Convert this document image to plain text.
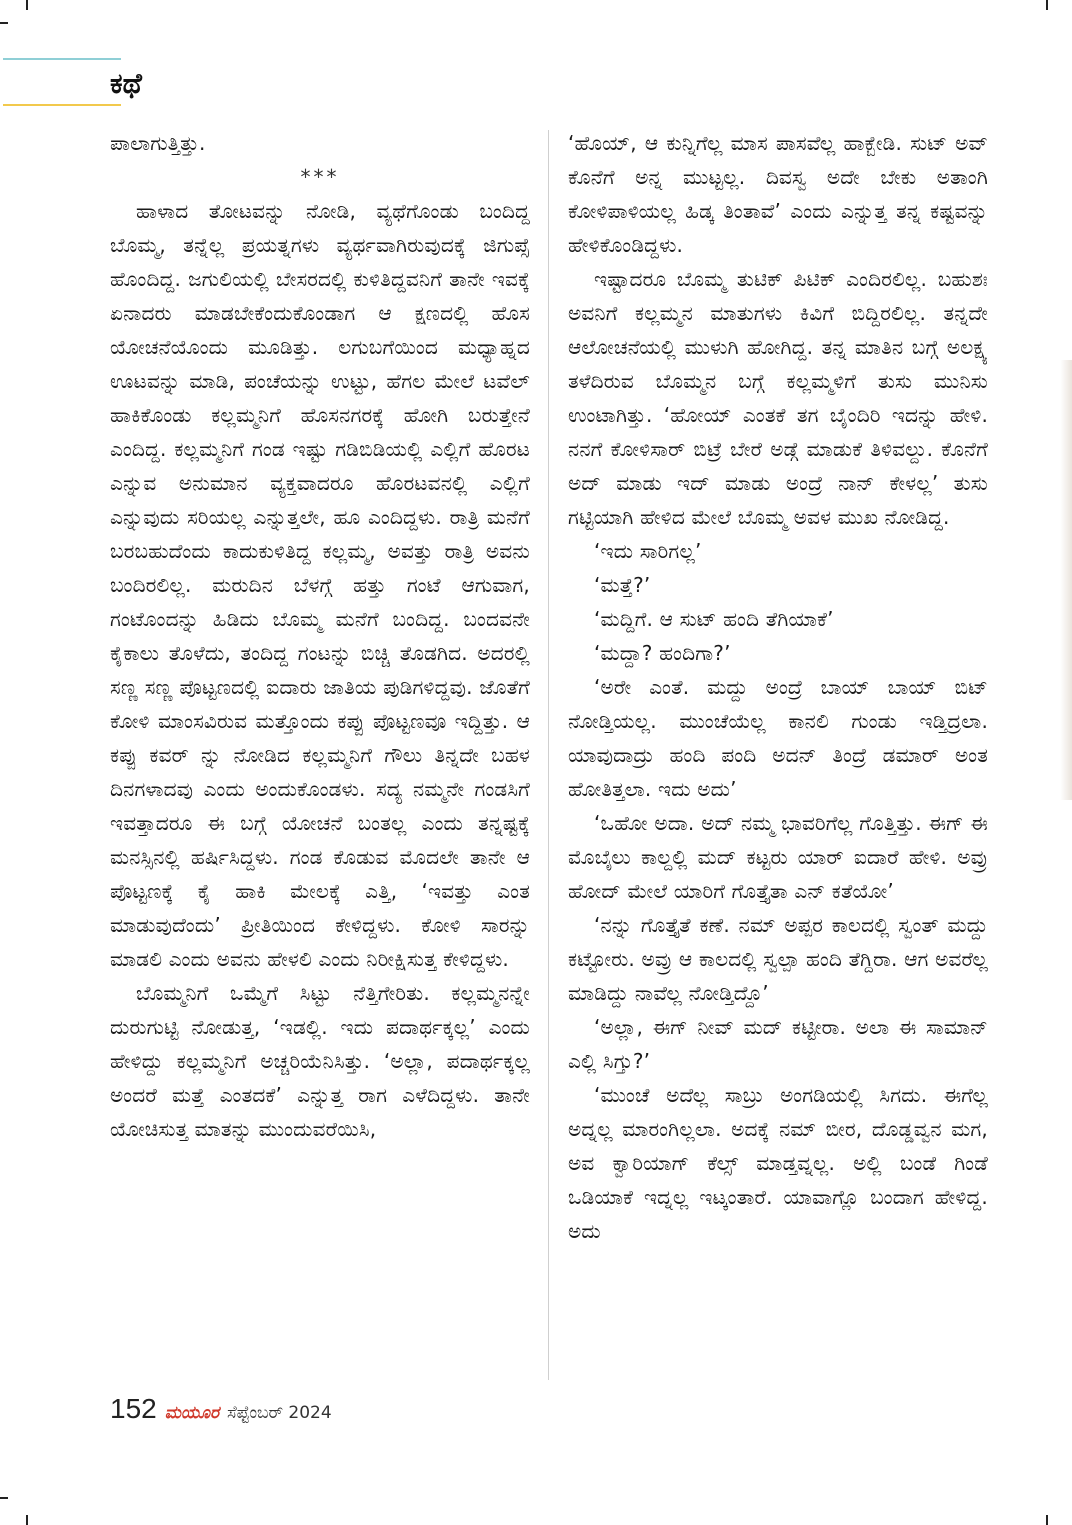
ಕಥೆ

ಪಾಲಾಗುತ್ತಿತ್ತು.

***

ಹಾಳಾದ ತೋಟವನ್ನು ನೋಡಿ, ವ್ಯಥೆಗೊಂಡು ಬಂದಿದ್ದ ಬೊಮ್ಮ, ತನ್ನೆಲ್ಲ ಪ್ರಯತ್ನಗಳು ವ್ಯರ್ಥವಾಗಿರುವುದಕ್ಕೆ ಜಿಗುಪ್ಸೆ ಹೊಂದಿದ್ದ. ಜಗುಲಿಯಲ್ಲಿ ಬೇಸರದಲ್ಲಿ ಕುಳಿತಿದ್ದವನಿಗೆ ತಾನೇ ಇವಕ್ಕೆ ಏನಾದರು ಮಾಡಬೇಕೆಂದುಕೊಂಡಾಗ ಆ ಕ್ಷಣದಲ್ಲಿ ಹೊಸ ಯೋಚನೆಯೊಂದು ಮೂಡಿತ್ತು. ಲಗುಬಗೆಯಿಂದ ಮಧ್ಯಾಹ್ನದ ಊಟವನ್ನು ಮಾಡಿ, ಪಂಚೆಯನ್ನು ಉಟ್ಟು, ಹೆಗಲ ಮೇಲೆ ಟವೆಲ್ ಹಾಕಿಕೊಂಡು ಕಲ್ಲಮ್ಮನಿಗೆ ಹೊಸನಗರಕ್ಕೆ ಹೋಗಿ ಬರುತ್ತೇನೆ ಎಂದಿದ್ದ. ಕಲ್ಲಮ್ಮನಿಗೆ ಗಂಡ ಇಷ್ಟು ಗಡಿಬಿಡಿಯಲ್ಲಿ ಎಲ್ಲಿಗೆ ಹೊರಟ ಎನ್ನುವ ಅನುಮಾನ ವ್ಯಕ್ತವಾದರೂ ಹೊರಟವನಲ್ಲಿ ಎಲ್ಲಿಗೆ ಎನ್ನುವುದು ಸರಿಯಲ್ಲ ಎನ್ನುತ್ತಲೇ, ಹೂ ಎಂದಿದ್ದಳು. ರಾತ್ರಿ ಮನೆಗೆ ಬರಬಹುದೆಂದು ಕಾದುಕುಳಿತಿದ್ದ ಕಲ್ಲಮ್ಮ, ಅವತ್ತು ರಾತ್ರಿ ಅವನು ಬಂದಿರಲಿಲ್ಲ. ಮರುದಿನ ಬೆಳಗ್ಗೆ ಹತ್ತು ಗಂಟೆ ಆಗುವಾಗ, ಗಂಟೊಂದನ್ನು ಹಿಡಿದು ಬೊಮ್ಮ ಮನೆಗೆ ಬಂದಿದ್ದ. ಬಂದವನೇ ಕೈಕಾಲು ತೊಳೆದು, ತಂದಿದ್ದ ಗಂಟನ್ನು ಬಿಚ್ಚಿ ತೊಡಗಿದ. ಅದರಲ್ಲಿ ಸಣ್ಣ ಸಣ್ಣ ಪೊಟ್ಟಣದಲ್ಲಿ ಐದಾರು ಜಾತಿಯ ಪುಡಿಗಳಿದ್ದವು. ಜೊತೆಗೆ ಕೋಳಿ ಮಾಂಸವಿರುವ ಮತ್ತೊಂದು ಕಪ್ಪು ಪೊಟ್ಟಣವೂ ಇದ್ದಿತ್ತು. ಆ ಕಪ್ಪು ಕವರ್ ನ್ನು ನೋಡಿದ ಕಲ್ಲಮ್ಮನಿಗೆ ಗೌಲು ತಿನ್ನದೇ ಬಹಳ ದಿನಗಳಾದವು ಎಂದು ಅಂದುಕೊಂಡಳು. ಸದ್ಯ ನಮ್ಮನೇ ಗಂಡಸಿಗೆ ಇವತ್ತಾದರೂ ಈ ಬಗ್ಗೆ ಯೋಚನೆ ಬಂತಲ್ಲ ಎಂದು ತನ್ನಷ್ಟಕ್ಕೆ ಮನಸ್ಸಿನಲ್ಲಿ ಹರ್ಷಿಸಿದ್ದಳು. ಗಂಡ ಕೊಡುವ ಮೊದಲೇ ತಾನೇ ಆ ಪೊಟ್ಟಣಕ್ಕೆ ಕೈ ಹಾಕಿ ಮೇಲಕ್ಕೆ ಎತ್ತಿ, ‘ಇವತ್ತು ಎಂತ ಮಾಡುವುದೆಂದು’ ಪ್ರೀತಿಯಿಂದ ಕೇಳಿದ್ದಳು. ಕೋಳಿ ಸಾರನ್ನು ಮಾಡಲಿ ಎಂದು ಅವನು ಹೇಳಲಿ ಎಂದು ನಿರೀಕ್ಷಿಸುತ್ತ ಕೇಳಿದ್ದಳು.

ಬೊಮ್ಮನಿಗೆ ಒಮ್ಮೆಗೆ ಸಿಟ್ಟು ನೆತ್ತಿಗೇರಿತು. ಕಲ್ಲಮ್ಮನನ್ನೇ ದುರುಗುಟ್ಟಿ ನೋಡುತ್ತ, ‘ಇಡಲ್ಲಿ. ಇದು ಪದಾರ್ಥಕ್ಕಲ್ಲ’ ಎಂದು ಹೇಳಿದ್ದು ಕಲ್ಲಮ್ಮನಿಗೆ ಅಚ್ಚರಿಯೆನಿಸಿತ್ತು. ‘ಅಲ್ಲಾ, ಪದಾರ್ಥಕ್ಕಲ್ಲ ಅಂದರೆ ಮತ್ತೆ ಎಂತದಕೆ’ ಎನ್ನುತ್ತ ರಾಗ ಎಳೆದಿದ್ದಳು. ತಾನೇ ಯೋಚಿಸುತ್ತ ಮಾತನ್ನು ಮುಂದುವರೆಯಿಸಿ,

‘ಹೊಯ್, ಆ ಕುನ್ನಿಗೆಲ್ಲ ಮಾಸ ಪಾಸವೆಲ್ಲ ಹಾಕ್ಬೇಡಿ. ಸುಟ್ ಅವ್ ಕೊನೆಗೆ ಅನ್ನ ಮುಟ್ಟಲ್ಲ. ದಿವಸ್ವ ಅದೇ ಬೇಕು ಅತಾಂಗಿ ಕೋಳಿಪಾಳಿಯಲ್ಲ ಹಿಡ್ಕ ತಿಂತಾವೆ’ ಎಂದು ಎನ್ನುತ್ತ ತನ್ನ ಕಷ್ಟವನ್ನು ಹೇಳಿಕೊಂಡಿದ್ದಳು.

ಇಷ್ಟಾದರೂ ಬೊಮ್ಮ ತುಟಿಕ್ ಪಿಟಿಕ್ ಎಂದಿರಲಿಲ್ಲ. ಬಹುಶಃ ಅವನಿಗೆ ಕಲ್ಲಮ್ಮನ ಮಾತುಗಳು ಕಿವಿಗೆ ಬಿದ್ದಿರಲಿಲ್ಲ. ತನ್ನದೇ ಆಲೋಚನೆಯಲ್ಲಿ ಮುಳುಗಿ ಹೋಗಿದ್ದ. ತನ್ನ ಮಾತಿನ ಬಗ್ಗೆ ಅಲಕ್ಷ್ಯ ತಳೆದಿರುವ ಬೊಮ್ಮನ ಬಗ್ಗೆ ಕಲ್ಲಮ್ಮಳಿಗೆ ತುಸು ಮುನಿಸು ಉಂಟಾಗಿತ್ತು. ‘ಹೋಯ್ ಎಂತಕೆ ತಗ ಬೈಂದಿರಿ ಇದನ್ನು ಹೇಳಿ. ನನಗೆ ಕೋಳಿಸಾರ್ ಬಿಟ್ರೆ ಬೇರೆ ಅಡ್ಗೆ ಮಾಡುಕೆ ತಿಳಿವಲ್ದು. ಕೊನೆಗೆ ಅದ್ ಮಾಡು ಇದ್ ಮಾಡು ಅಂದ್ರೆ ನಾನ್ ಕೇಳಲ್ಲ’ ತುಸು ಗಟ್ಟಿಯಾಗಿ ಹೇಳಿದ ಮೇಲೆ ಬೊಮ್ಮ ಅವಳ ಮುಖ ನೋಡಿದ್ದ.

‘ಇದು ಸಾರಿಗಲ್ಲ’

‘ಮತ್ತೆ?’

‘ಮದ್ದಿಗೆ. ಆ ಸುಟ್ ಹಂದಿ ತೆಗಿಯಾಕೆ’

‘ಮದ್ದಾ? ಹಂದಿಗಾ?’

‘ಅರೇ ಎಂತೆ. ಮದ್ದು ಅಂದ್ರೆ ಬಾಯ್ ಬಾಯ್ ಬಿಟ್ ನೋಡ್ತಿಯಲ್ಲ. ಮುಂಚೆಯೆಲ್ಲ ಕಾನಲಿ ಗುಂಡು ಇಡ್ತಿದ್ರಲಾ. ಯಾವುದಾದ್ರು ಹಂದಿ ಪಂದಿ ಅದನ್ ತಿಂದ್ರೆ ಡಮಾರ್ ಅಂತ ಹೋತಿತ್ತಲಾ. ಇದು ಅದು’

‘ಒಹೋ ಅದಾ. ಅದ್ ನಮ್ಮ ಭಾವರಿಗೆಲ್ಲ ಗೊತ್ತಿತ್ತು. ಈಗ್ ಈ ಮೊಬೈಲು ಕಾಲ್ದಲ್ಲಿ ಮದ್ ಕಟ್ಟರು ಯಾರ್ ಐದಾರೆ ಹೇಳಿ. ಅವ್ರು ಹೋದ್ ಮೇಲೆ ಯಾರಿಗೆ ಗೊತ್ತೈತಾ ಎನ್ ಕತೆಯೋ’

‘ನನ್ನು ಗೊತ್ತೈತೆ ಕಣೆ. ನಮ್ ಅಪ್ಪರ ಕಾಲದಲ್ಲಿ ಸ್ವಂತ್ ಮದ್ದು ಕಟ್ಟೋರು. ಅವ್ರು ಆ ಕಾಲದಲ್ಲಿ ಸ್ವಲ್ಪಾ ಹಂದಿ ತೆಗ್ದಿರಾ. ಆಗ ಅವರೆಲ್ಲ ಮಾಡಿದ್ದು ನಾವೆಲ್ಲ ನೋಡ್ತಿದ್ದೊ’

‘ಅಲ್ಲಾ, ಈಗ್ ನೀವ್ ಮದ್ ಕಟ್ಟೀರಾ. ಅಲಾ ಈ ಸಾಮಾನ್ ಎಲ್ಲಿ ಸಿಗ್ತು?’

‘ಮುಂಚೆ ಅದೆಲ್ಲ ಸಾಬ್ರು ಅಂಗಡಿಯಲ್ಲಿ ಸಿಗದು. ಈಗೆಲ್ಲ ಅದ್ನಲ್ಲ ಮಾರಂಗಿಲ್ಲಲಾ. ಅದಕ್ಕೆ ನಮ್ ಬೀರ, ದೊಡ್ಡವ್ವನ ಮಗ, ಅವ ಕ್ವಾರಿಯಾಗ್ ಕೆಲ್ಸ್ ಮಾಡ್ತವ್ನಲ್ಲ. ಅಲ್ಲಿ ಬಂಡೆ ಗಿಂಡೆ ಒಡಿಯಾಕೆ ಇದ್ನಲ್ಲ ಇಟ್ಕಂತಾರೆ. ಯಾವಾಗ್ಲೊ ಬಂದಾಗ ಹೇಳಿದ್ದ. ಅದು

152 ಮಯೂರ ಸೆಪ್ಟೆಂಬರ್ 2024
